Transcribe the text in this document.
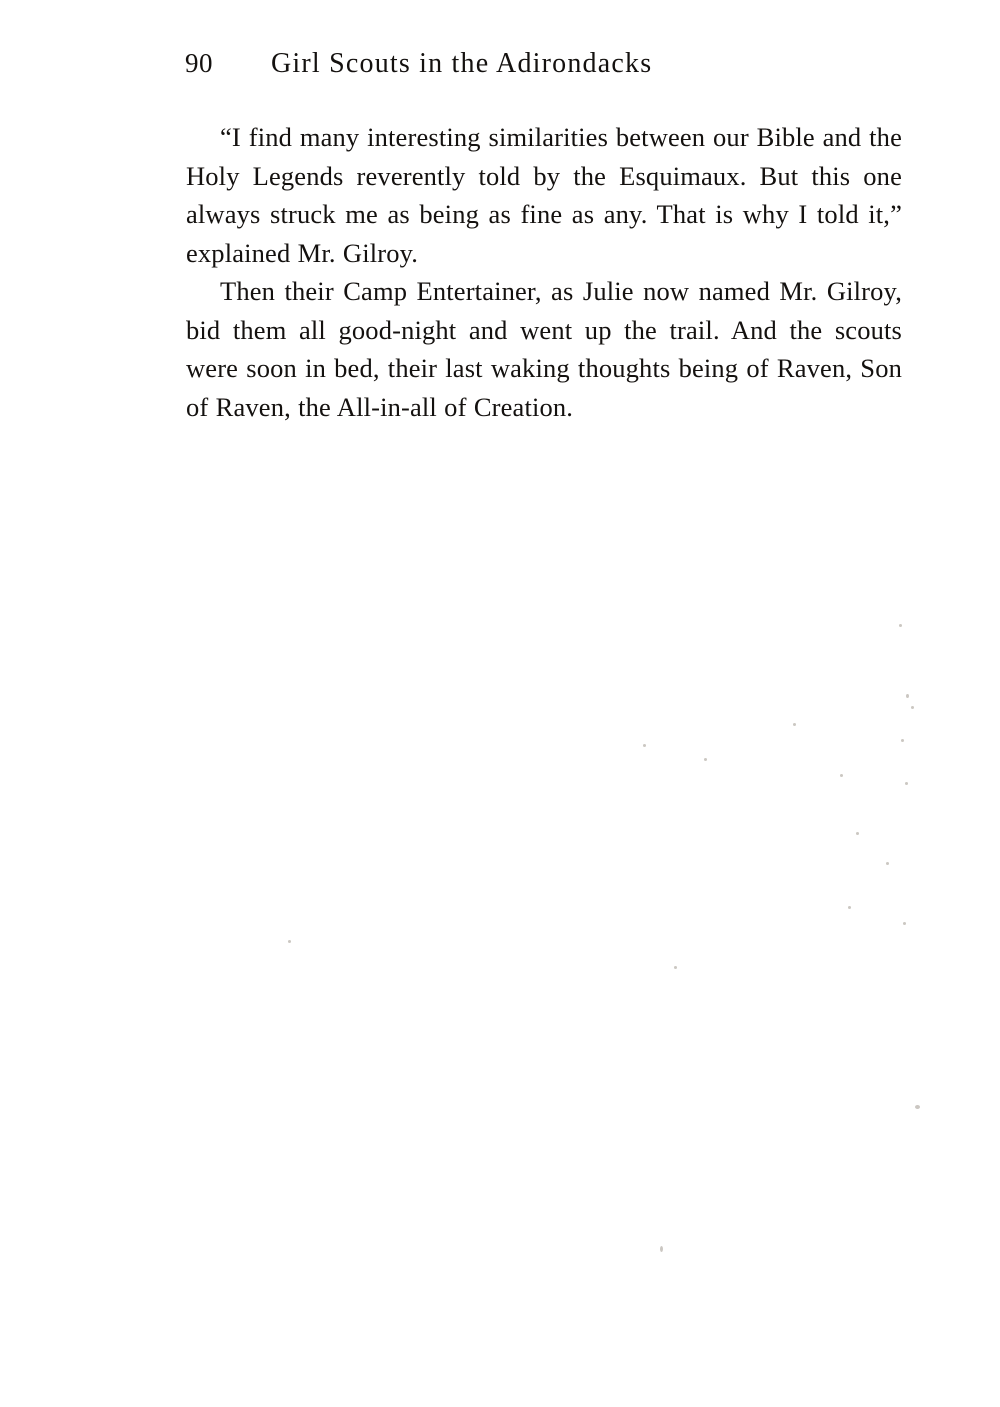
90 Girl Scouts in the Adirondacks

“I find many interesting similarities between our Bible and the Holy Legends reverently told by the Esquimaux. But this one always struck me as being as fine as any. That is why I told it,” explained Mr. Gilroy.

Then their Camp Entertainer, as Julie now named Mr. Gilroy, bid them all good-night and went up the trail. And the scouts were soon in bed, their last waking thoughts being of Raven, Son of Raven, the All-in-all of Creation.
